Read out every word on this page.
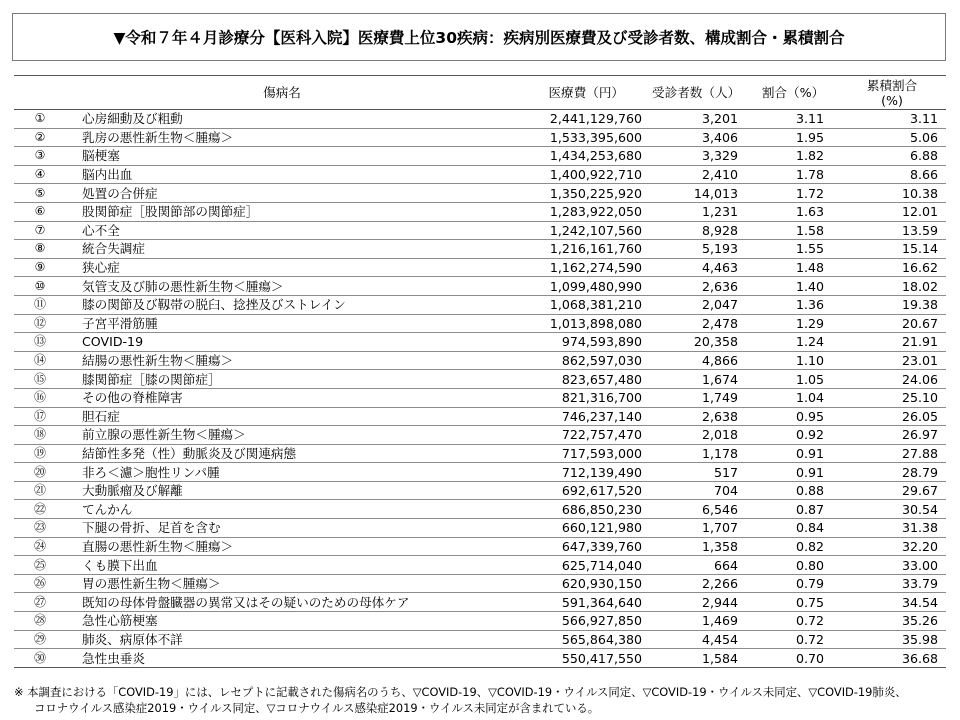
▼令和７年４月診療分【医科入院】医療費上位30疾病：疾病別医療費及び受診者数、構成割合・累積割合
	傷病名	医療費（円）	受診者数（人）	割合（%）	累積割合
(%)

①	心房細動及び粗動	2,441,129,760	3,201	3.11	3.11
②	乳房の悪性新生物＜腫瘍＞	1,533,395,600	3,406	1.95	5.06
③	脳梗塞	1,434,253,680	3,329	1.82	6.88
④	脳内出血	1,400,922,710	2,410	1.78	8.66
⑤	処置の合併症	1,350,225,920	14,013	1.72	10.38
⑥	股関節症［股関節部の関節症］	1,283,922,050	1,231	1.63	12.01
⑦	心不全	1,242,107,560	8,928	1.58	13.59
⑧	統合失調症	1,216,161,760	5,193	1.55	15.14
⑨	狭心症	1,162,274,590	4,463	1.48	16.62
⑩	気管支及び肺の悪性新生物＜腫瘍＞	1,099,480,990	2,636	1.40	18.02
⑪	膝の関節及び靱帯の脱臼、捻挫及びストレイン	1,068,381,210	2,047	1.36	19.38
⑫	子宮平滑筋腫	1,013,898,080	2,478	1.29	20.67
⑬	COVID-19	974,593,890	20,358	1.24	21.91
⑭	結腸の悪性新生物＜腫瘍＞	862,597,030	4,866	1.10	23.01
⑮	膝関節症［膝の関節症］	823,657,480	1,674	1.05	24.06
⑯	その他の脊椎障害	821,316,700	1,749	1.04	25.10
⑰	胆石症	746,237,140	2,638	0.95	26.05
⑱	前立腺の悪性新生物＜腫瘍＞	722,757,470	2,018	0.92	26.97
⑲	結節性多発（性）動脈炎及び関連病態	717,593,000	1,178	0.91	27.88
⑳	非ろ＜濾＞胞性リンパ腫	712,139,490	517	0.91	28.79
㉑	大動脈瘤及び解離	692,617,520	704	0.88	29.67
㉒	てんかん	686,850,230	6,546	0.87	30.54
㉓	下腿の骨折、足首を含む	660,121,980	1,707	0.84	31.38
㉔	直腸の悪性新生物＜腫瘍＞	647,339,760	1,358	0.82	32.20
㉕	くも膜下出血	625,714,040	664	0.80	33.00
㉖	胃の悪性新生物＜腫瘍＞	620,930,150	2,266	0.79	33.79
㉗	既知の母体骨盤臓器の異常又はその疑いのための母体ケア	591,364,640	2,944	0.75	34.54
㉘	急性心筋梗塞	566,927,850	1,469	0.72	35.26
㉙	肺炎、病原体不詳	565,864,380	4,454	0.72	35.98
㉚	急性虫垂炎	550,417,550	1,584	0.70	36.68
※ 本調査における「COVID-19」には、レセプトに記載された傷病名のうち、▽COVID-19、▽COVID-19・ウイルス同定、▽COVID-19・ウイルス未同定、▽COVID-19肺炎、
コロナウイルス感染症2019・ウイルス同定、▽コロナウイルス感染症2019・ウイルス未同定が含まれている。
